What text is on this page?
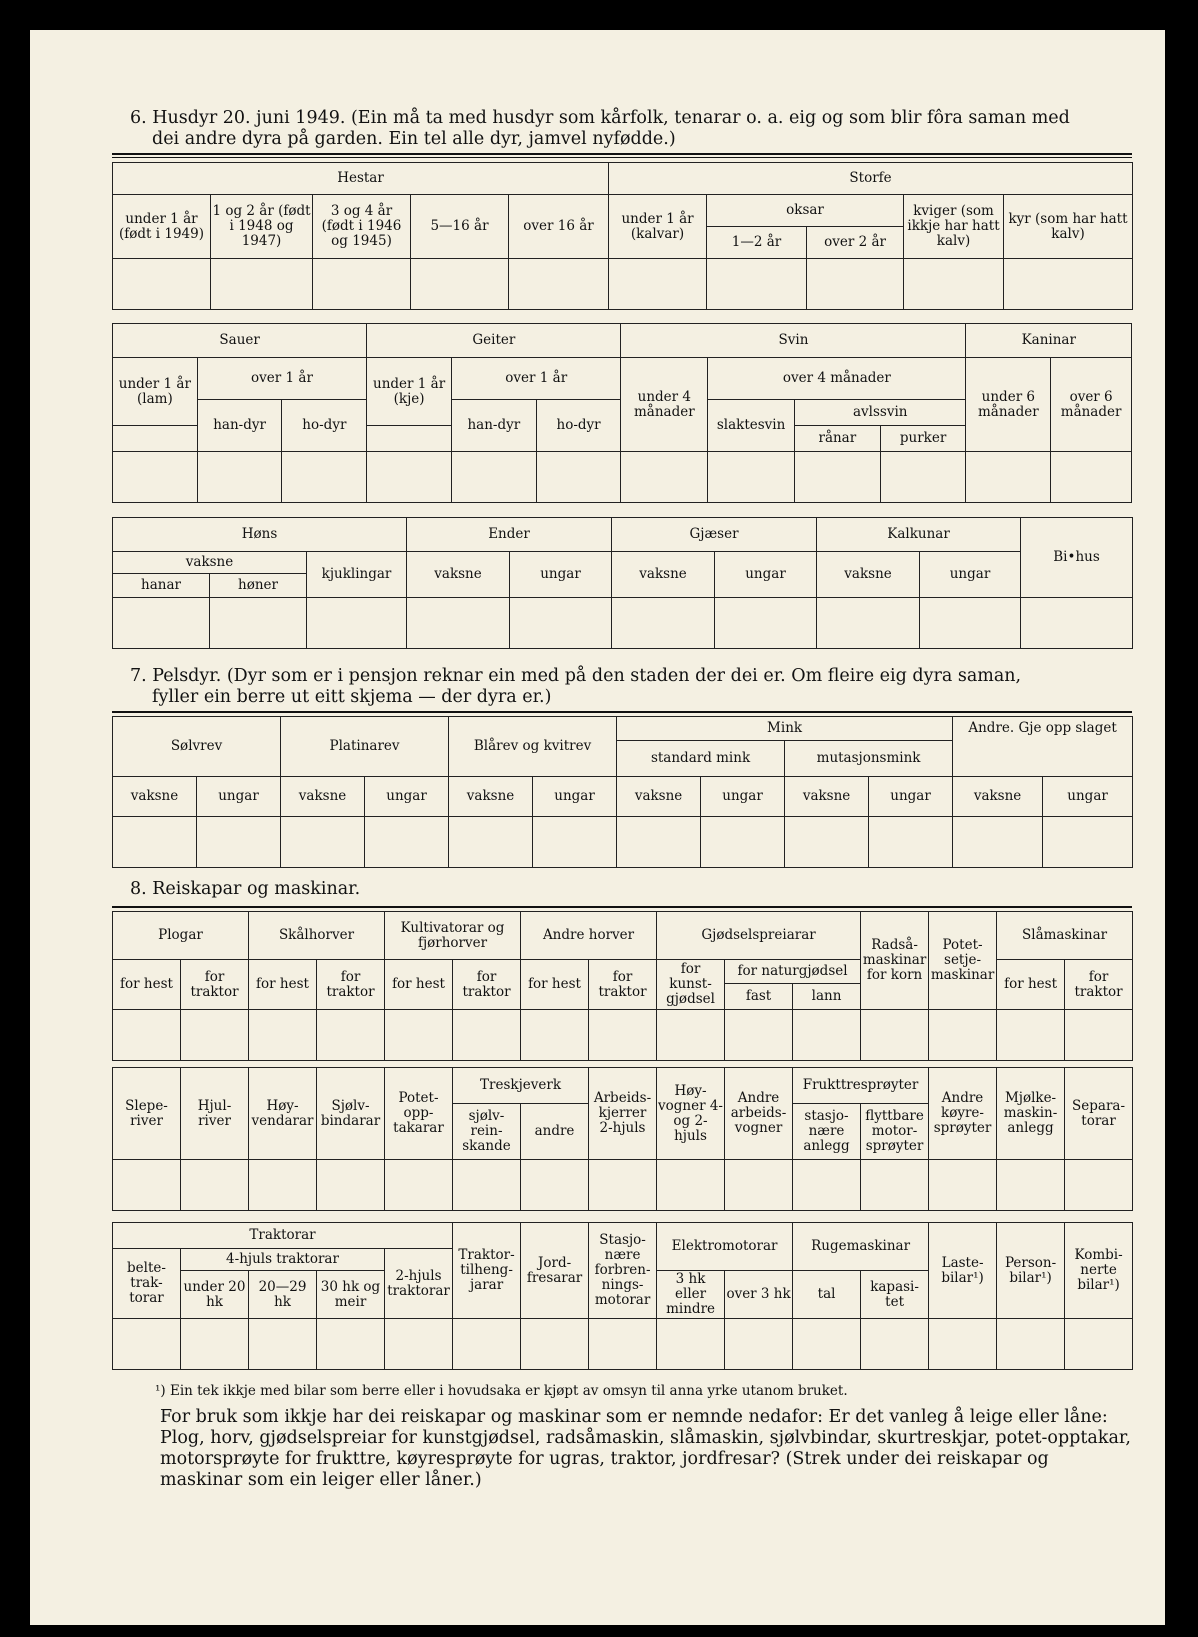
6. Husdyr 20. juni 1949. (Ein må ta med husdyr som kårfolk, tenarar o. a. eig og som blir fôra saman med

dei andre dyra på garden. Ein tel alle dyr, jamvel nyfødde.)

Hestar					Storfe				
under 1 år (født i 1949)	1 og 2 år (født i 1948 og 1947)	3 og 4 år (født i 1946 og 1945)	5—16 år	over 16 år	under 1 år (kalvar)	oksar		kviger (som ikkje har hatt kalv)	kyr (som har hatt kalv)
						1—2 år	over 2 år		

Sauer			Geiter			Svin				Kaninar	
under 1 år (lam)	over 1 år		under 1 år (kje)	over 1 år		under 4 månader	over 4 månader			under 6 månader	over 6 månader
	han-dyr	ho-dyr		han-dyr	ho-dyr		slaktesvin	avlssvin			
								rånar	purker		

Høns			Ender		Gjæser		Kalkunar		Bi•hus
vaksne		kjuklingar	vaksne	ungar	vaksne	ungar	vaksne	ungar	
hanar	høner								

7. Pelsdyr. (Dyr som er i pensjon reknar ein med på den staden der dei er. Om fleire eig dyra saman,

fyller ein berre ut eitt skjema — der dyra er.)

Sølvrev		Platinarev		Blårev og kvitrev		Mink				Andre. Gje opp slaget	
						standard mink		mutasjonsmink			
vaksne	ungar	vaksne	ungar	vaksne	ungar	vaksne	ungar	vaksne	ungar	vaksne	ungar

8. Reiskapar og maskinar.

Plogar		Skålhorver		Kultivatorar og fjørhorver		Andre horver		Gjødselspreiarar			Radså-maskinar for korn	Potet-setje-maskinar	Slåmaskinar	
for hest	for traktor	for hest	for traktor	for hest	for traktor	for hest	for traktor	for kunst-gjødsel	for naturgjødsel				for hest	for traktor
									fast	lann				

Slepe-river	Hjul-river	Høy-vendarar	Sjølv-bindarar	Potet-opp-takarar	Treskjeverk		Arbeids-kjerrer 2-hjuls	Høy-vogner 4- og 2-hjuls	Andre arbeids-vogner	Frukttresprøyter		Andre køyre-sprøyter	Mjølke-maskin-anlegg	Separa-torar
					sjølv-rein-skande	andre				stasjo-nære anlegg	flyttbare motor-sprøyter			

Traktorar					Traktor-tilheng-jarar	Jord-fresarar	Stasjo-nære forbren-nings-motorar	Elektromotorar		Rugemaskinar		Laste-bilar¹)	Person-bilar¹)	Kombi-nerte bilar¹)
belte-trak-torar	4-hjuls traktorar			2-hjuls traktorar										
	under 20 hk	20—29 hk	30 hk og meir					3 hk eller mindre	over 3 hk	tal	kapasi-tet			

¹) Ein tek ikkje med bilar som berre eller i hovudsaka er kjøpt av omsyn til anna yrke utanom bruket.

For bruk som ikkje har dei reiskapar og maskinar som er nemnde nedafor: Er det vanleg å leige eller låne: Plog, horv, gjødselspreiar for kunstgjødsel, radsåmaskin, slåmaskin, sjølvbindar, skurtreskjar, potet-opptakar, motorsprøyte for frukttre, køyresprøyte for ugras, traktor, jordfresar? (Strek under dei reiskapar og maskinar som ein leiger eller låner.)
